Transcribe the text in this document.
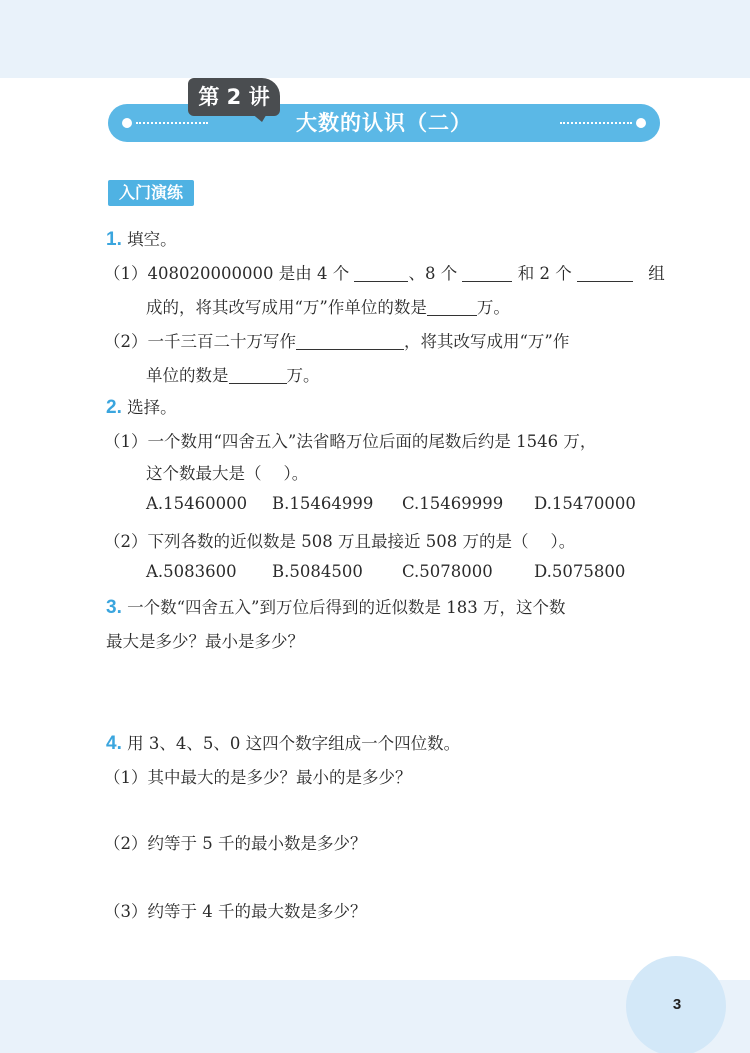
3
大数的认识（二）
第 2 讲
入门演练
1. 填空。
（1）408020000000 是由 4 个	、8 个	和 2 个	组
成的，将其改写成用“万”作单位的数是	万。
（2）一千三百二十万写作	，将其改写成用“万”作
单位的数是	万。
2. 选择。
（1）一个数用“四舍五入”法省略万位后面的尾数后约是 1546 万，
这个数最大是（ ）。
A.15460000 B.15464999 C.15469999 D.15470000
（2）下列各数的近似数是 508 万且最接近 508 万的是（ ）。
A.5083600 B.5084500 C.5078000 D.5075800
3. 一个数“四舍五入”到万位后得到的近似数是 183 万，这个数
最大是多少？最小是多少？
4. 用 3、4、5、0 这四个数字组成一个四位数。
（1）其中最大的是多少？最小的是多少？
（2）约等于 5 千的最小数是多少？
（3）约等于 4 千的最大数是多少？
